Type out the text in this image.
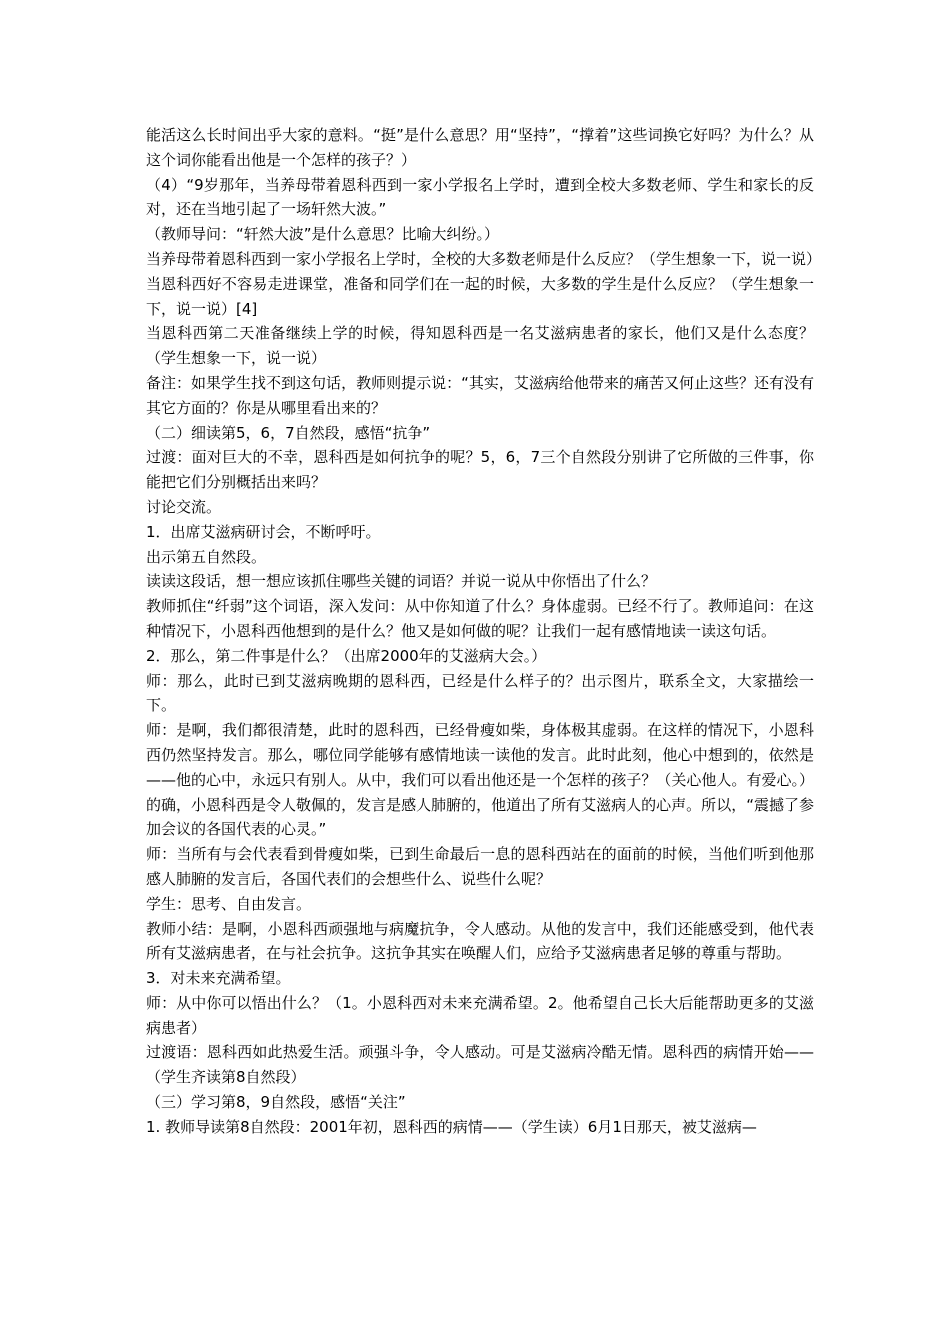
能活这么长时间出乎大家的意料。“挺”是什么意思？用“坚持”，“撑着”这些词换它好吗？为什么？从这个词你能看出他是一个怎样的孩子？）

（4）“9岁那年，当养母带着恩科西到一家小学报名上学时，遭到全校大多数老师、学生和家长的反对，还在当地引起了一场轩然大波。”

（教师导问：“轩然大波”是什么意思？比喻大纠纷。）

当养母带着恩科西到一家小学报名上学时，全校的大多数老师是什么反应？（学生想象一下，说一说）

当恩科西好不容易走进课堂，准备和同学们在一起的时候，大多数的学生是什么反应？（学生想象一下，说一说）[4]

当恩科西第二天准备继续上学的时候，得知恩科西是一名艾滋病患者的家长，他们又是什么态度？（学生想象一下，说一说）

备注：如果学生找不到这句话，教师则提示说：“其实，艾滋病给他带来的痛苦又何止这些？还有没有其它方面的？你是从哪里看出来的？

（二）细读第5，6，7自然段，感悟“抗争”

过渡：面对巨大的不幸，恩科西是如何抗争的呢？5，6，7三个自然段分别讲了它所做的三件事，你能把它们分别概括出来吗？

讨论交流。

1．出席艾滋病研讨会，不断呼吁。

出示第五自然段。

读读这段话，想一想应该抓住哪些关键的词语？并说一说从中你悟出了什么？

教师抓住“纤弱”这个词语，深入发问：从中你知道了什么？身体虚弱。已经不行了。教师追问：在这种情况下，小恩科西他想到的是什么？他又是如何做的呢？让我们一起有感情地读一读这句话。

2．那么，第二件事是什么？（出席2000年的艾滋病大会。）

师：那么，此时已到艾滋病晚期的恩科西，已经是什么样子的？出示图片，联系全文，大家描绘一下。

师：是啊，我们都很清楚，此时的恩科西，已经骨瘦如柴，身体极其虚弱。在这样的情况下，小恩科西仍然坚持发言。那么，哪位同学能够有感情地读一读他的发言。此时此刻，他心中想到的，依然是——他的心中，永远只有别人。从中，我们可以看出他还是一个怎样的孩子？（关心他人。有爱心。）的确，小恩科西是令人敬佩的，发言是感人肺腑的，他道出了所有艾滋病人的心声。所以，“震撼了参加会议的各国代表的心灵。”

师：当所有与会代表看到骨瘦如柴，已到生命最后一息的恩科西站在的面前的时候，当他们听到他那感人肺腑的发言后，各国代表们的会想些什么、说些什么呢？

学生：思考、自由发言。

教师小结：是啊，小恩科西顽强地与病魔抗争，令人感动。从他的发言中，我们还能感受到，他代表所有艾滋病患者，在与社会抗争。这抗争其实在唤醒人们，应给予艾滋病患者足够的尊重与帮助。

3．对未来充满希望。

师：从中你可以悟出什么？（1。小恩科西对未来充满希望。2。他希望自己长大后能帮助更多的艾滋病患者）

过渡语：恩科西如此热爱生活。顽强斗争，令人感动。可是艾滋病冷酷无情。恩科西的病情开始——（学生齐读第8自然段）

（三）学习第8，9自然段，感悟“关注”

1. 教师导读第8自然段：2001年初，恩科西的病情——（学生读）6月1日那天，被艾滋病—
